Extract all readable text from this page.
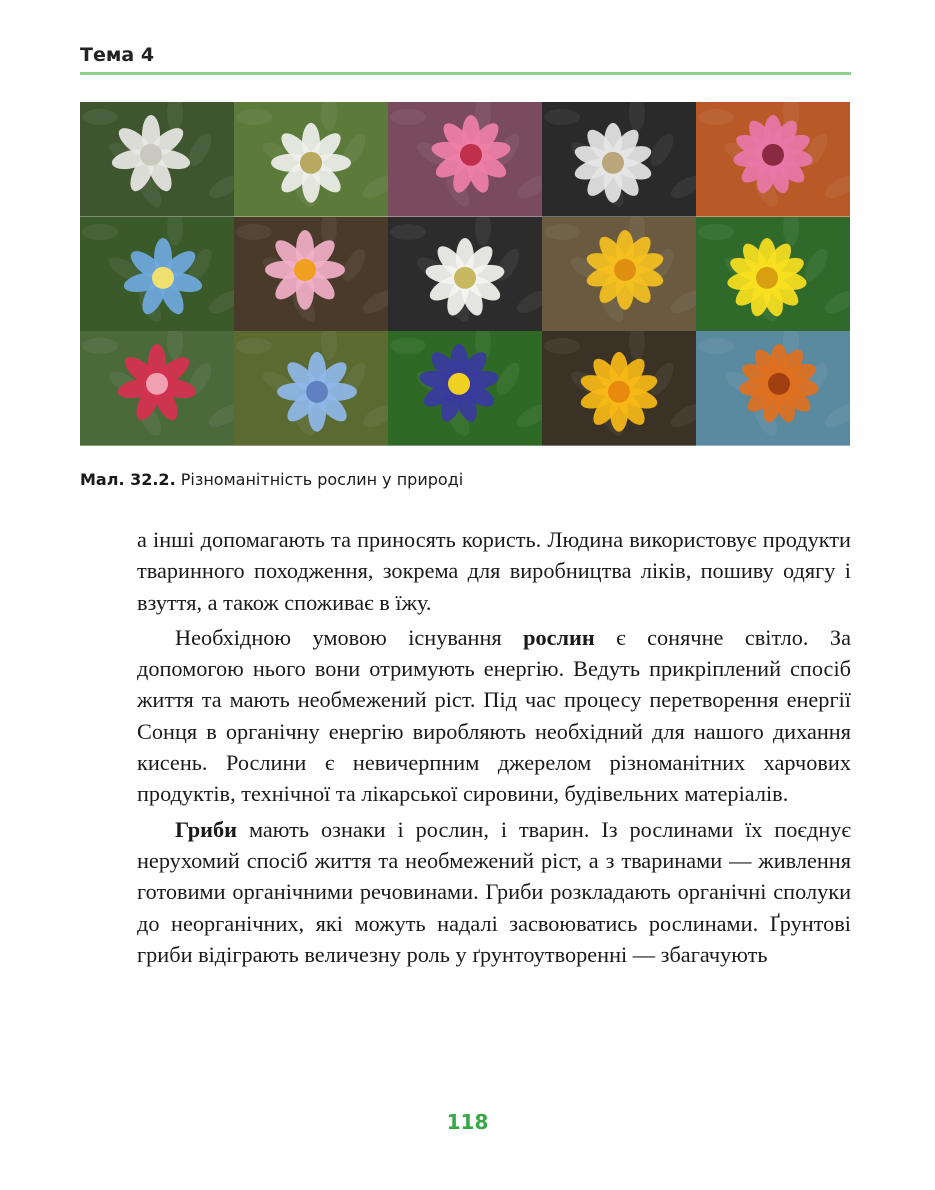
Тема 4
Мал. 32.2. Різноманітність рослин у природі

а інші допомагають та приносять користь. Людина використовує продукти тваринного походження, зокрема для виробництва ліків, пошиву одягу і взуття, а також споживає в їжу.

Необхідною умовою існування рослин є сонячне світло. За допомогою нього вони отримують енергію. Ведуть прикріплений спосіб життя та мають необмежений ріст. Під час процесу перетворення енергії Сонця в органічну енергію виробляють необхідний для нашого дихання кисень. Рослини є невичерпним джерелом різноманітних харчових продуктів, технічної та лікарської сировини, будівельних матеріалів.

Гриби мають ознаки і рослин, і тварин. Із рослинами їх поєднує нерухомий спосіб життя та необмежений ріст, а з тваринами — живлення готовими органічними речовинами. Гриби розкладають органічні сполуки до неорганічних, які можуть надалі засвоюватись рослинами. Ґрунтові гриби відіграють величезну роль у ґрунтоутворенні — збагачують

118
